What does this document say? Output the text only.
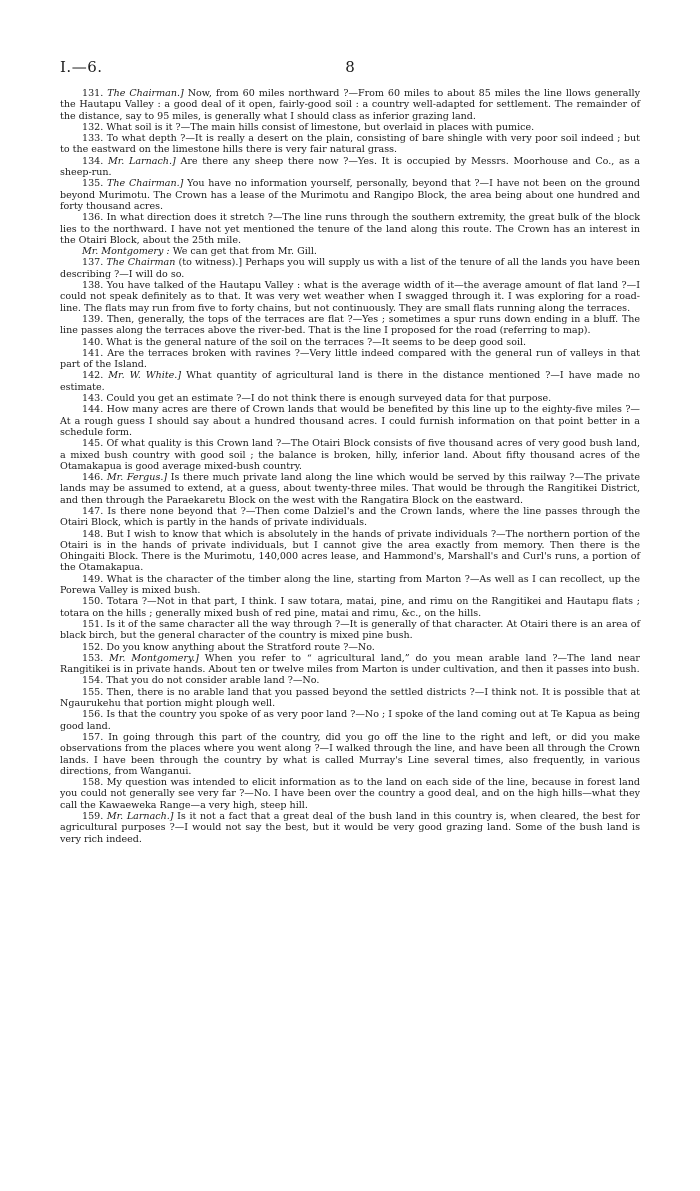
I.—6.	8

131. The Chairman.] Now, from 60 miles northward ?—From 60 miles to about 85 miles the line llows generally the Hautapu Valley : a good deal of it open, fairly-good soil : a country well-adapted for settlement. The remainder of the distance, say to 95 miles, is generally what I should class as inferior grazing land.

132. What soil is it ?—The main hills consist of limestone, but overlaid in places with pumice.

133. To what depth ?—It is really a desert on the plain, consisting of bare shingle with very poor soil indeed ; but to the eastward on the limestone hills there is very fair natural grass.

134. Mr. Larnach.] Are there any sheep there now ?—Yes. It is occupied by Messrs. Moorhouse and Co., as a sheep-run.

135. The Chairman.] You have no information yourself, personally, beyond that ?—I have not been on the ground beyond Murimotu. The Crown has a lease of the Murimotu and Rangipo Block, the area being about one hundred and forty thousand acres.

136. In what direction does it stretch ?—The line runs through the southern extremity, the great bulk of the block lies to the northward. I have not yet mentioned the tenure of the land along this route. The Crown has an interest in the Otairi Block, about the 25th mile.

Mr. Montgomery : We can get that from Mr. Gill.

137. The Chairman (to witness).] Perhaps you will supply us with a list of the tenure of all the lands you have been describing ?—I will do so.

138. You have talked of the Hautapu Valley : what is the average width of it—the average amount of flat land ?—I could not speak definitely as to that. It was very wet weather when I swagged through it. I was exploring for a road-line. The flats may run from five to forty chains, but not continuously. They are small flats running along the terraces.

139. Then, generally, the tops of the terraces are flat ?—Yes ; sometimes a spur runs down ending in a bluff. The line passes along the terraces above the river-bed. That is the line I proposed for the road (referring to map).

140. What is the general nature of the soil on the terraces ?—It seems to be deep good soil.

141. Are the terraces broken with ravines ?—Very little indeed compared with the general run of valleys in that part of the Island.

142. Mr. W. White.] What quantity of agricultural land is there in the distance mentioned ?—I have made no estimate.

143. Could you get an estimate ?—I do not think there is enough surveyed data for that purpose.

144. How many acres are there of Crown lands that would be benefited by this line up to the eighty-five miles ?—At a rough guess I should say about a hundred thousand acres. I could furnish information on that point better in a schedule form.

145. Of what quality is this Crown land ?—The Otairi Block consists of five thousand acres of very good bush land, a mixed bush country with good soil ; the balance is broken, hilly, inferior land. About fifty thousand acres of the Otamakapua is good average mixed-bush country.

146. Mr. Fergus.] Is there much private land along the line which would be served by this railway ?—The private lands may be assumed to extend, at a guess, about twenty-three miles. That would be through the Rangitikei District, and then through the Paraekaretu Block on the west with the Rangatira Block on the eastward.

147. Is there none beyond that ?—Then come Dalziel's and the Crown lands, where the line passes through the Otairi Block, which is partly in the hands of private individuals.

148. But I wish to know that which is absolutely in the hands of private individuals ?—The northern portion of the Otairi is in the hands of private individuals, but I cannot give the area exactly from memory. Then there is the Ohingaiti Block. There is the Murimotu, 140,000 acres lease, and Hammond's, Marshall's and Curl's runs, a portion of the Otamakapua.

149. What is the character of the timber along the line, starting from Marton ?—As well as I can recollect, up the Porewa Valley is mixed bush.

150. Totara ?—Not in that part, I think. I saw totara, matai, pine, and rimu on the Rangitikei and Hautapu flats ; totara on the hills ; generally mixed bush of red pine, matai and rimu, &c., on the hills.

151. Is it of the same character all the way through ?—It is generally of that character. At Otairi there is an area of black birch, but the general character of the country is mixed pine bush.

152. Do you know anything about the Stratford route ?—No.

153. Mr. Montgomery.] When you refer to “ agricultural land,” do you mean arable land ?—The land near Rangitikei is in private hands. About ten or twelve miles from Marton is under cultivation, and then it passes into bush.

154. That you do not consider arable land ?—No.

155. Then, there is no arable land that you passed beyond the settled districts ?—I think not. It is possible that at Ngaurukehu that portion might plough well.

156. Is that the country you spoke of as very poor land ?—No ; I spoke of the land coming out at Te Kapua as being good land.

157. In going through this part of the country, did you go off the line to the right and left, or did you make observations from the places where you went along ?—I walked through the line, and have been all through the Crown lands. I have been through the country by what is called Murray's Line several times, also frequently, in various directions, from Wanganui.

158. My question was intended to elicit information as to the land on each side of the line, because in forest land you could not generally see very far ?—No. I have been over the country a good deal, and on the high hills—what they call the Kawaeweka Range—a very high, steep hill.

159. Mr. Larnach.] Is it not a fact that a great deal of the bush land in this country is, when cleared, the best for agricultural purposes ?—I would not say the best, but it would be very good grazing land. Some of the bush land is very rich indeed.
